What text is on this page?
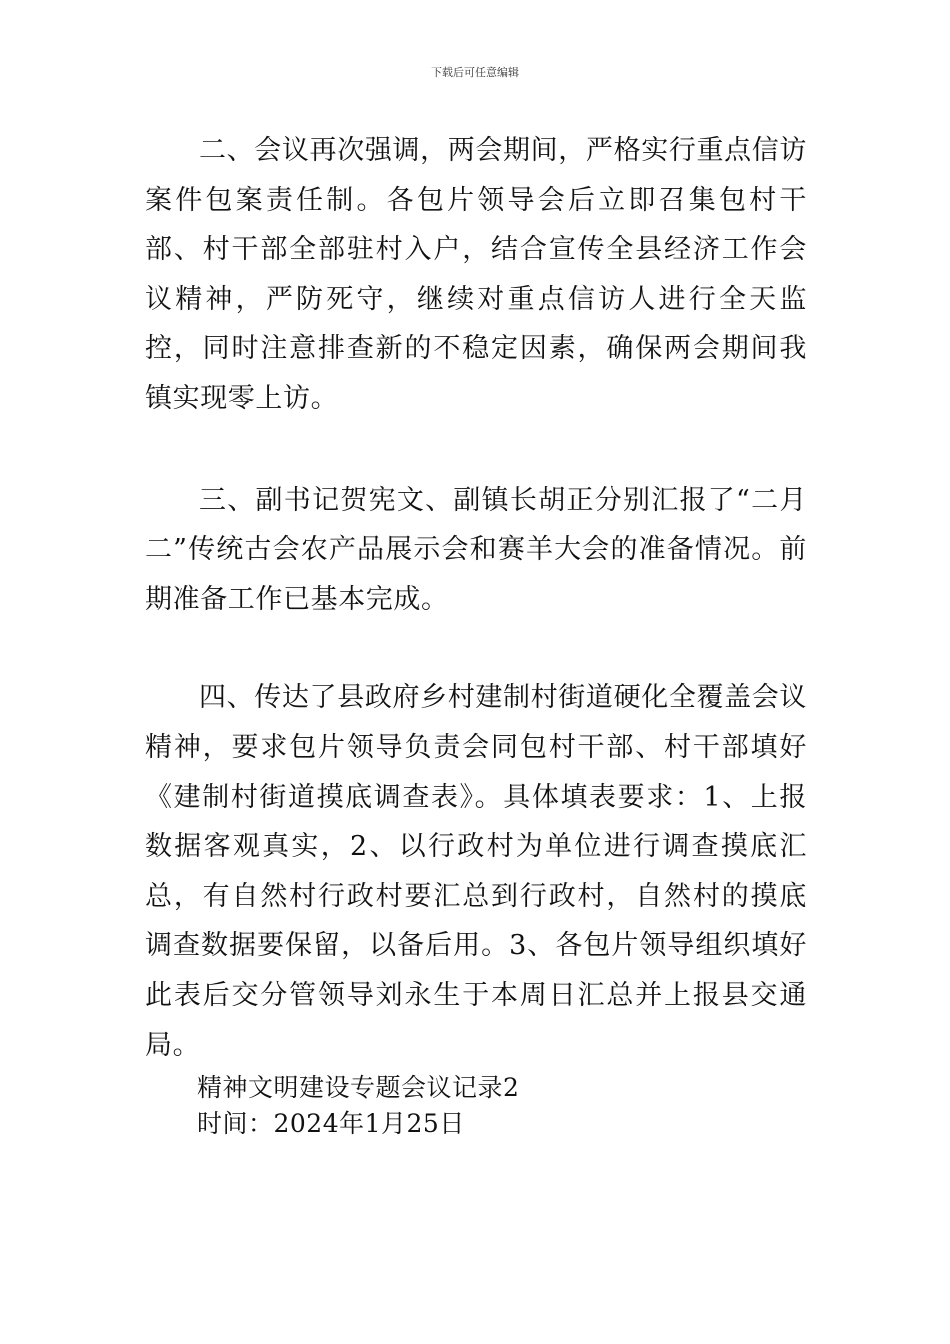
下载后可任意编辑

二、会议再次强调，两会期间，严格实行重点信访案件包案责任制。各包片领导会后立即召集包村干部、村干部全部驻村入户，结合宣传全县经济工作会议精神，严防死守，继续对重点信访人进行全天监控，同时注意排查新的不稳定因素，确保两会期间我镇实现零上访。

三、副书记贺宪文、副镇长胡正分别汇报了“二月二”传统古会农产品展示会和赛羊大会的准备情况。前期准备工作已基本完成。

四、传达了县政府乡村建制村街道硬化全覆盖会议精神，要求包片领导负责会同包村干部、村干部填好《建制村街道摸底调查表》。具体填表要求：1、上报数据客观真实，2、以行政村为单位进行调查摸底汇总，有自然村行政村要汇总到行政村，自然村的摸底调查数据要保留，以备后用。3、各包片领导组织填好此表后交分管领导刘永生于本周日汇总并上报县交通局。

精神文明建设专题会议记录2

时间：2024年1月25日
